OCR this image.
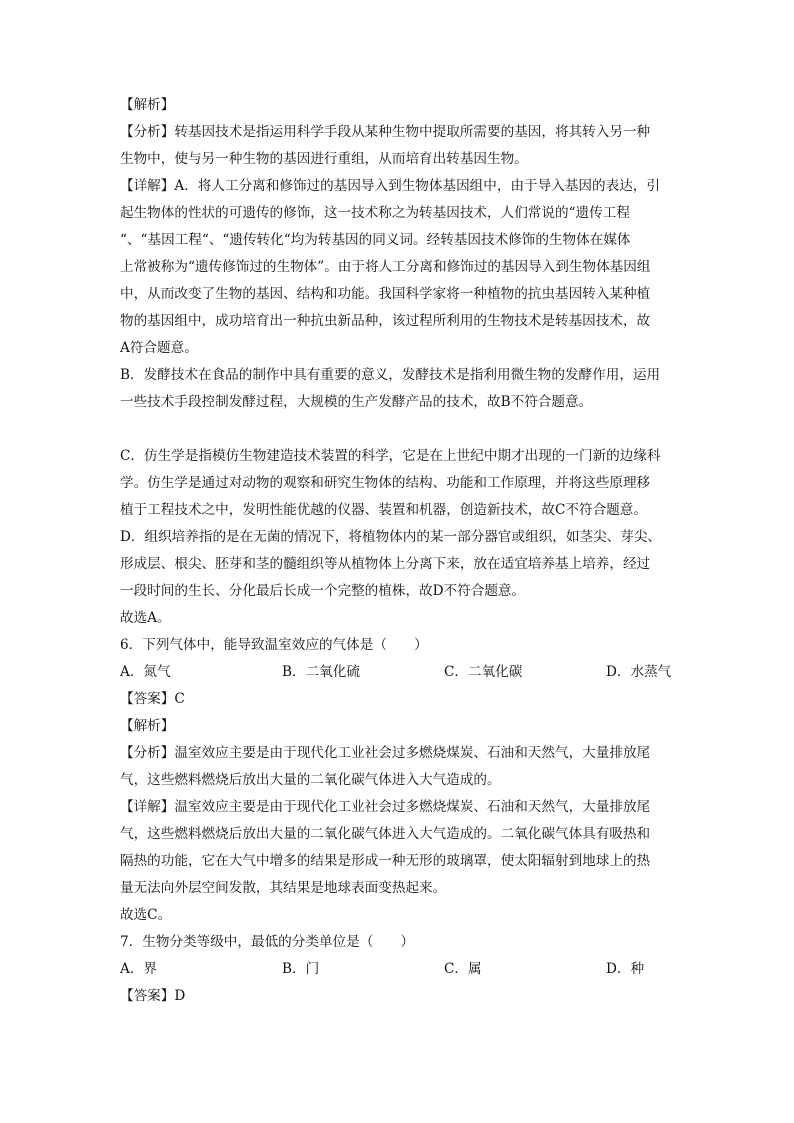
【解析】
【分析】转基因技术是指运用科学手段从某种生物中提取所需要的基因，将其转入另一种
生物中，使与另一种生物的基因进行重组，从而培育出转基因生物。
【详解】A．将人工分离和修饰过的基因导入到生物体基因组中，由于导入基因的表达，引
起生物体的性状的可遗传的修饰，这一技术称之为转基因技术，人们常说的“遗传工程
“、“基因工程“、“遗传转化“均为转基因的同义词。经转基因技术修饰的生物体在媒体
上常被称为“遗传修饰过的生物体”。由于将人工分离和修饰过的基因导入到生物体基因组
中，从而改变了生物的基因、结构和功能。我国科学家将一种植物的抗虫基因转入某种植
物的基因组中，成功培育出一种抗虫新品种，该过程所利用的生物技术是转基因技术，故
A符合题意。
B．发酵技术在食品的制作中具有重要的意义，发酵技术是指利用微生物的发酵作用，运用
一些技术手段控制发酵过程，大规模的生产发酵产品的技术，故B不符合题意。
C．仿生学是指模仿生物建造技术装置的科学，它是在上世纪中期才出现的一门新的边缘科
学。仿生学是通过对动物的观察和研究生物体的结构、功能和工作原理，并将这些原理移
植于工程技术之中，发明性能优越的仪器、装置和机器，创造新技术，故C不符合题意。
D．组织培养指的是在无菌的情况下，将植物体内的某一部分器官或组织，如茎尖、芽尖、
形成层、根尖、胚芽和茎的髓组织等从植物体上分离下来，放在适宜培养基上培养，经过
一段时间的生长、分化最后长成一个完整的植株，故D不符合题意。
故选A。
6．下列气体中，能导致温室效应的气体是（　　）
A．氮气	B．二氧化硫	C．二氧化碳	D．水蒸气
【答案】C
【解析】
【分析】温室效应主要是由于现代化工业社会过多燃烧煤炭、石油和天然气，大量排放尾
气，这些燃料燃烧后放出大量的二氧化碳气体进入大气造成的。
【详解】温室效应主要是由于现代化工业社会过多燃烧煤炭、石油和天然气，大量排放尾
气，这些燃料燃烧后放出大量的二氧化碳气体进入大气造成的。二氧化碳气体具有吸热和
隔热的功能，它在大气中增多的结果是形成一种无形的玻璃罩，使太阳辐射到地球上的热
量无法向外层空间发散，其结果是地球表面变热起来。
故选C。
7．生物分类等级中，最低的分类单位是（　　）
A．界	B．门	C．属	D．种
【答案】D
